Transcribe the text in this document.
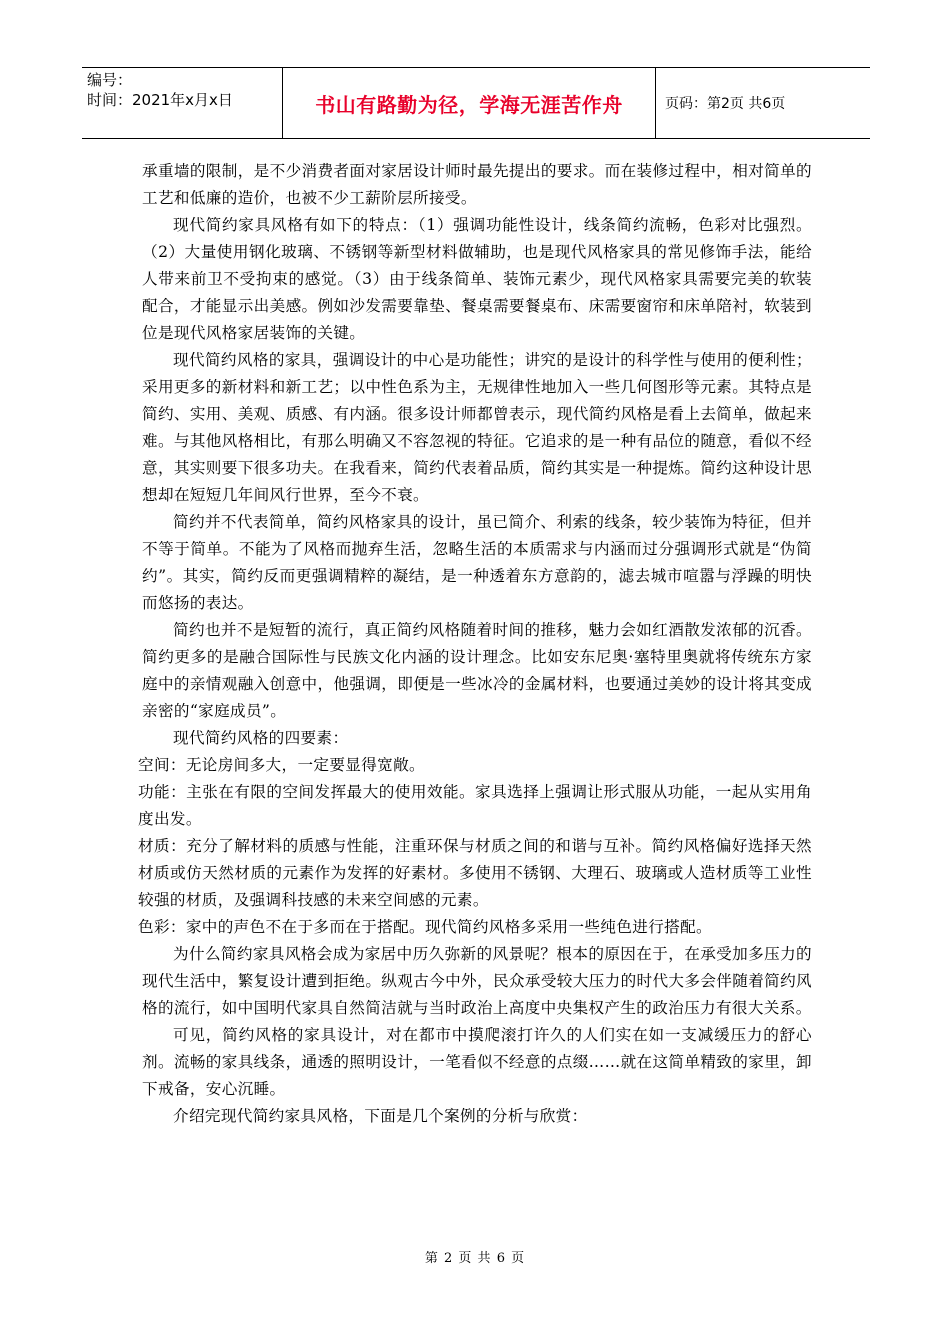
编号：
时间：2021年x月x日	书山有路勤为径，学海无涯苦作舟	页码：第2页 共6页

承重墙的限制，是不少消费者面对家居设计师时最先提出的要求。而在装修过程中，相对简单的工艺和低廉的造价，也被不少工薪阶层所接受。

现代简约家具风格有如下的特点：（1）强调功能性设计，线条简约流畅，色彩对比强烈。（2）大量使用钢化玻璃、不锈钢等新型材料做辅助，也是现代风格家具的常见修饰手法，能给人带来前卫不受拘束的感觉。（3）由于线条简单、装饰元素少，现代风格家具需要完美的软装配合，才能显示出美感。例如沙发需要靠垫、餐桌需要餐桌布、床需要窗帘和床单陪衬，软装到位是现代风格家居装饰的关键。

现代简约风格的家具，强调设计的中心是功能性；讲究的是设计的科学性与使用的便利性；采用更多的新材料和新工艺；以中性色系为主，无规律性地加入一些几何图形等元素。其特点是简约、实用、美观、质感、有内涵。很多设计师都曾表示，现代简约风格是看上去简单，做起来难。与其他风格相比，有那么明确又不容忽视的特征。它追求的是一种有品位的随意，看似不经意，其实则要下很多功夫。在我看来，简约代表着品质，简约其实是一种提炼。简约这种设计思想却在短短几年间风行世界，至今不衰。

简约并不代表简单，简约风格家具的设计，虽已简介、利索的线条，较少装饰为特征，但并不等于简单。不能为了风格而抛弃生活，忽略生活的本质需求与内涵而过分强调形式就是“伪简约”。其实，简约反而更强调精粹的凝结，是一种透着东方意韵的，滤去城市喧嚣与浮躁的明快而悠扬的表达。

简约也并不是短暂的流行，真正简约风格随着时间的推移，魅力会如红酒散发浓郁的沉香。简约更多的是融合国际性与民族文化内涵的设计理念。比如安东尼奥·塞特里奥就将传统东方家庭中的亲情观融入创意中，他强调，即便是一些冰冷的金属材料，也要通过美妙的设计将其变成亲密的“家庭成员”。

现代简约风格的四要素：

空间：无论房间多大，一定要显得宽敞。

功能：主张在有限的空间发挥最大的使用效能。家具选择上强调让形式服从功能，一起从实用角度出发。

材质：充分了解材料的质感与性能，注重环保与材质之间的和谐与互补。简约风格偏好选择天然材质或仿天然材质的元素作为发挥的好素材。多使用不锈钢、大理石、玻璃或人造材质等工业性较强的材质，及强调科技感的未来空间感的元素。

色彩：家中的声色不在于多而在于搭配。现代简约风格多采用一些纯色进行搭配。

为什么简约家具风格会成为家居中历久弥新的风景呢？根本的原因在于，在承受加多压力的现代生活中，繁复设计遭到拒绝。纵观古今中外，民众承受较大压力的时代大多会伴随着简约风格的流行，如中国明代家具自然简洁就与当时政治上高度中央集权产生的政治压力有很大关系。

可见，简约风格的家具设计，对在都市中摸爬滚打许久的人们实在如一支减缓压力的舒心剂。流畅的家具线条，通透的照明设计，一笔看似不经意的点缀……就在这简单精致的家里，卸下戒备，安心沉睡。

介绍完现代简约家具风格，下面是几个案例的分析与欣赏：

第 2 页 共 6 页
